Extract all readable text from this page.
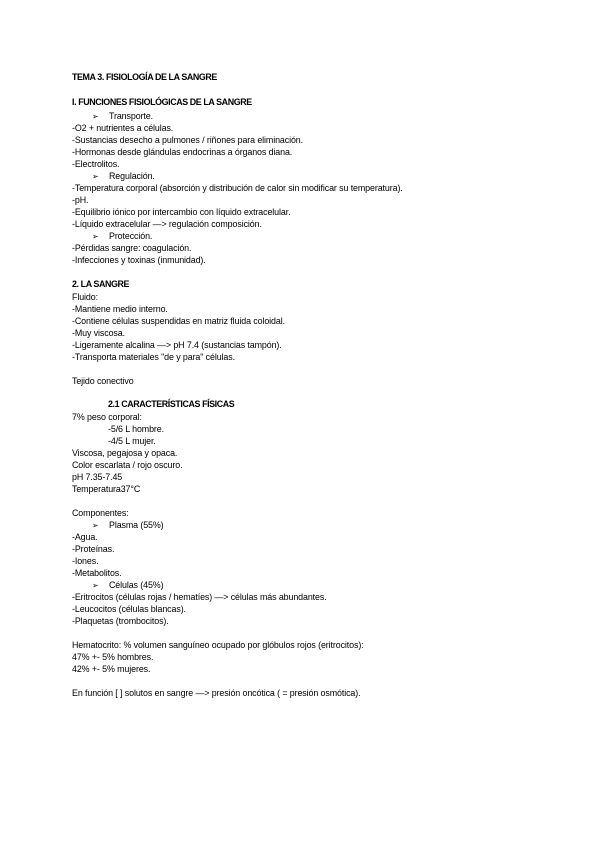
TEMA 3. FISIOLOGÍA DE LA SANGRE
I. FUNCIONES FISIOLÓGICAS DE LA SANGRE
➢ Transporte.
-O2 + nutrientes a células.
-Sustancias desecho a pulmones / riñones para eliminación.
-Hormonas desde glándulas endocrinas a órganos diana.
-Electrolitos.
➢ Regulación.
-Temperatura corporal (absorción y distribución de calor sin modificar su temperatura).
-pH.
-Equilibrio iónico por intercambio con líquido extracelular.
-Líquido extracelular —> regulación composición.
➢ Protección.
-Pérdidas sangre: coagulación.
-Infecciones y toxinas (inmunidad).
2. LA SANGRE
Fluido:
-Mantiene medio interno.
-Contiene células suspendidas en matriz fluida coloidal.
-Muy viscosa.
-Ligeramente alcalina —> pH 7.4 (sustancias tampón).
-Transporta materiales "de y para" células.
Tejido conectivo
2.1 CARACTERÍSTICAS FÍSICAS
7% peso corporal:
-5/6 L hombre.
-4/5 L mujer.
Viscosa, pegajosa y opaca.
Color escarlata / rojo oscuro.
pH 7.35-7.45
Temperatura37°C
Componentes:
➢ Plasma (55%)
-Agua.
-Proteínas.
-Iones.
-Metabolitos.
➢ Células (45%)
-Eritrocitos (células rojas / hematíes) —> células más abundantes.
-Leucocitos (células blancas).
-Plaquetas (trombocitos).
Hematocrito: % volumen sanguíneo ocupado por glóbulos rojos (eritrocitos):
47% +- 5% hombres.
42% +- 5% mujeres.
En función [ ] solutos en sangre —> presión oncótica ( = presión osmótica).
